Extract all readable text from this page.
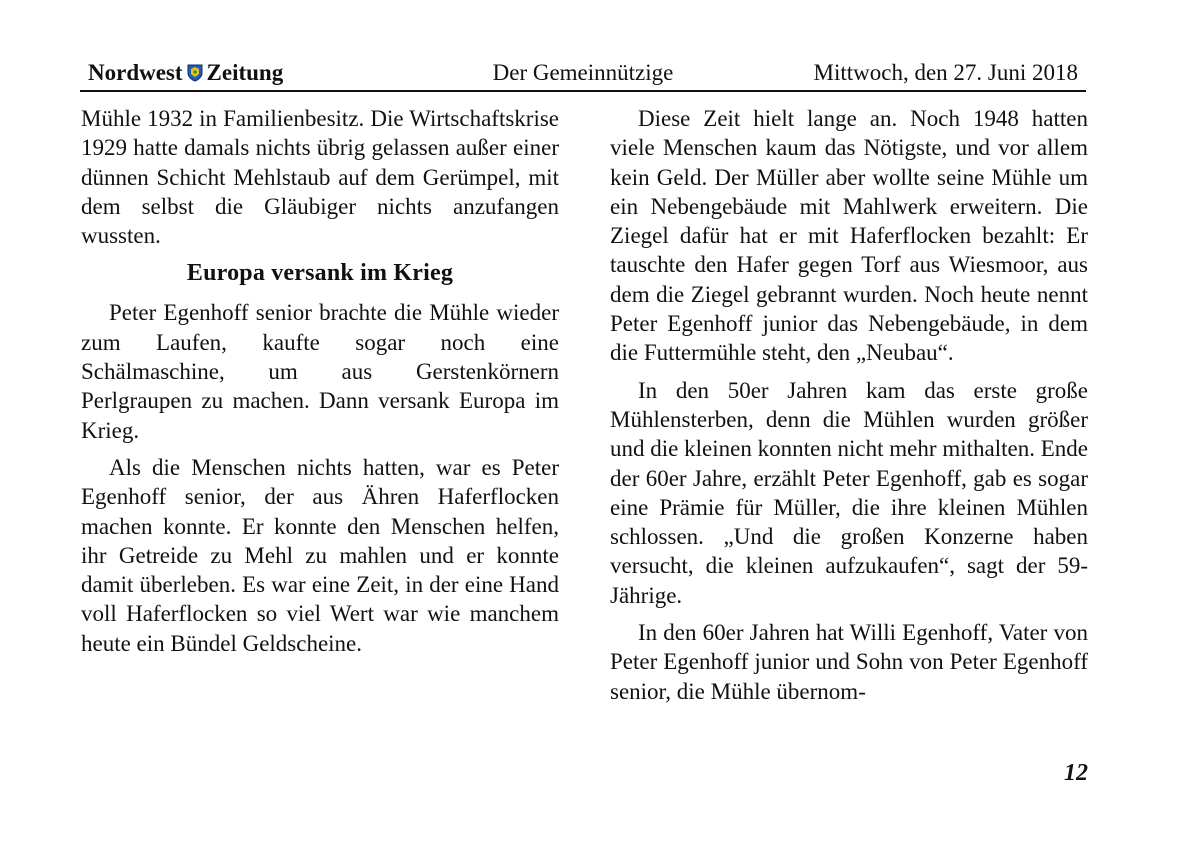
Nordwest Zeitung	Der Gemeinnützige	Mittwoch, den 27. Juni 2018

Mühle 1932 in Familienbesitz. Die Wirtschaftskrise 1929 hatte damals nichts übrig gelassen außer einer dünnen Schicht Mehlstaub auf dem Gerümpel, mit dem selbst die Gläubiger nichts anzufangen wussten.

Europa versank im Krieg

Peter Egenhoff senior brachte die Mühle wieder zum Laufen, kaufte sogar noch eine Schälmaschine, um aus Gerstenkörnern Perlgraupen zu machen. Dann versank Europa im Krieg.

Als die Menschen nichts hatten, war es Peter Egenhoff senior, der aus Ähren Haferflocken machen konnte. Er konnte den Menschen helfen, ihr Getreide zu Mehl zu mahlen und er konnte damit überleben. Es war eine Zeit, in der eine Hand voll Haferflocken so viel Wert war wie manchem heute ein Bündel Geldscheine.

Diese Zeit hielt lange an. Noch 1948 hatten viele Menschen kaum das Nötigste, und vor allem kein Geld. Der Müller aber wollte seine Mühle um ein Nebengebäude mit Mahlwerk erweitern. Die Ziegel dafür hat er mit Haferflocken bezahlt: Er tauschte den Hafer gegen Torf aus Wiesmoor, aus dem die Ziegel gebrannt wurden. Noch heute nennt Peter Egenhoff junior das Nebengebäude, in dem die Futtermühle steht, den „Neubau“.

In den 50er Jahren kam das erste große Mühlensterben, denn die Mühlen wurden größer und die kleinen konnten nicht mehr mithalten. Ende der 60er Jahre, erzählt Peter Egenhoff, gab es sogar eine Prämie für Müller, die ihre kleinen Mühlen schlossen. „Und die großen Konzerne haben versucht, die kleinen aufzukaufen“, sagt der 59-Jährige.

In den 60er Jahren hat Willi Egenhoff, Vater von Peter Egenhoff junior und Sohn von Peter Egenhoff senior, die Mühle übernom-

12
